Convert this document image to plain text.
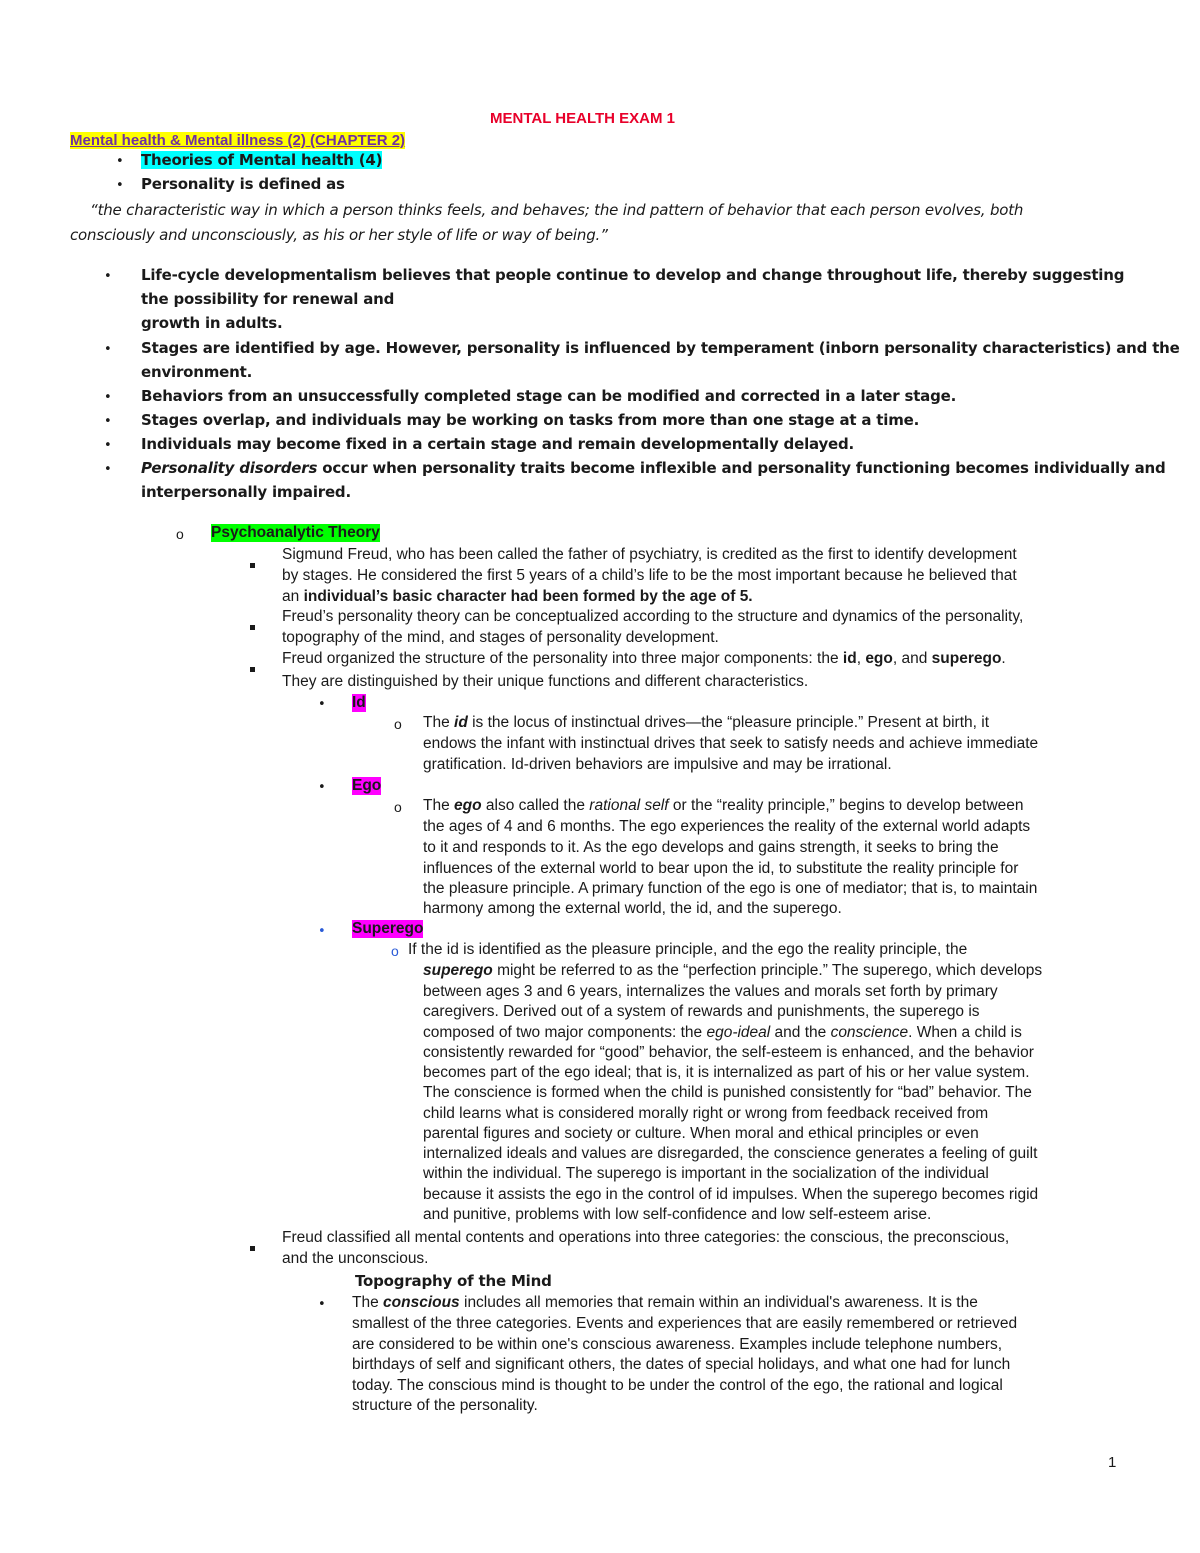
MENTAL HEALTH EXAM 1
Mental health & Mental illness (2) (CHAPTER 2)
• Theories of Mental health (4)
• Personality is defined as
“the characteristic way in which a person thinks feels, and behaves; the ind pattern of behavior that each person evolves, both
consciously and unconsciously, as his or her style of life or way of being.”
• Life-cycle developmentalism believes that people continue to develop and change throughout life, thereby suggesting
the possibility for renewal and
growth in adults.
• Stages are identified by age. However, personality is influenced by temperament (inborn personality characteristics) and the
environment.
• Behaviors from an unsuccessfully completed stage can be modified and corrected in a later stage.
• Stages overlap, and individuals may be working on tasks from more than one stage at a time.
• Individuals may become fixed in a certain stage and remain developmentally delayed.
• Personality disorders occur when personality traits become inflexible and personality functioning becomes individually and
interpersonally impaired.
o Psychoanalytic Theory
Sigmund Freud, who has been called the father of psychiatry, is credited as the first to identify development
by stages. He considered the first 5 years of a child’s life to be the most important because he believed that
an individual’s basic character had been formed by the age of 5.
Freud’s personality theory can be conceptualized according to the structure and dynamics of the personality,
topography of the mind, and stages of personality development.
Freud organized the structure of the personality into three major components: the id, ego, and superego.
They are distinguished by their unique functions and different characteristics.
• Id
o The id is the locus of instinctual drives—the “pleasure principle.” Present at birth, it
endows the infant with instinctual drives that seek to satisfy needs and achieve immediate
gratification. Id-driven behaviors are impulsive and may be irrational.
• Ego
o The ego also called the rational self or the “reality principle,” begins to develop between
the ages of 4 and 6 months. The ego experiences the reality of the external world adapts
to it and responds to it. As the ego develops and gains strength, it seeks to bring the
influences of the external world to bear upon the id, to substitute the reality principle for
the pleasure principle. A primary function of the ego is one of mediator; that is, to maintain
harmony among the external world, the id, and the superego.
• Superego
o If the id is identified as the pleasure principle, and the ego the reality principle, the
superego might be referred to as the “perfection principle.” The superego, which develops
between ages 3 and 6 years, internalizes the values and morals set forth by primary
caregivers. Derived out of a system of rewards and punishments, the superego is
composed of two major components: the ego-ideal and the conscience. When a child is
consistently rewarded for “good” behavior, the self-esteem is enhanced, and the behavior
becomes part of the ego ideal; that is, it is internalized as part of his or her value system.
The conscience is formed when the child is punished consistently for “bad” behavior. The
child learns what is considered morally right or wrong from feedback received from
parental figures and society or culture. When moral and ethical principles or even
internalized ideals and values are disregarded, the conscience generates a feeling of guilt
within the individual. The superego is important in the socialization of the individual
because it assists the ego in the control of id impulses. When the superego becomes rigid
and punitive, problems with low self-confidence and low self-esteem arise.
Freud classified all mental contents and operations into three categories: the conscious, the preconscious,
and the unconscious.
Topography of the Mind
• The conscious includes all memories that remain within an individual's awareness. It is the
smallest of the three categories. Events and experiences that are easily remembered or retrieved
are considered to be within one's conscious awareness. Examples include telephone numbers,
birthdays of self and significant others, the dates of special holidays, and what one had for lunch
today. The conscious mind is thought to be under the control of the ego, the rational and logical
structure of the personality.
1
